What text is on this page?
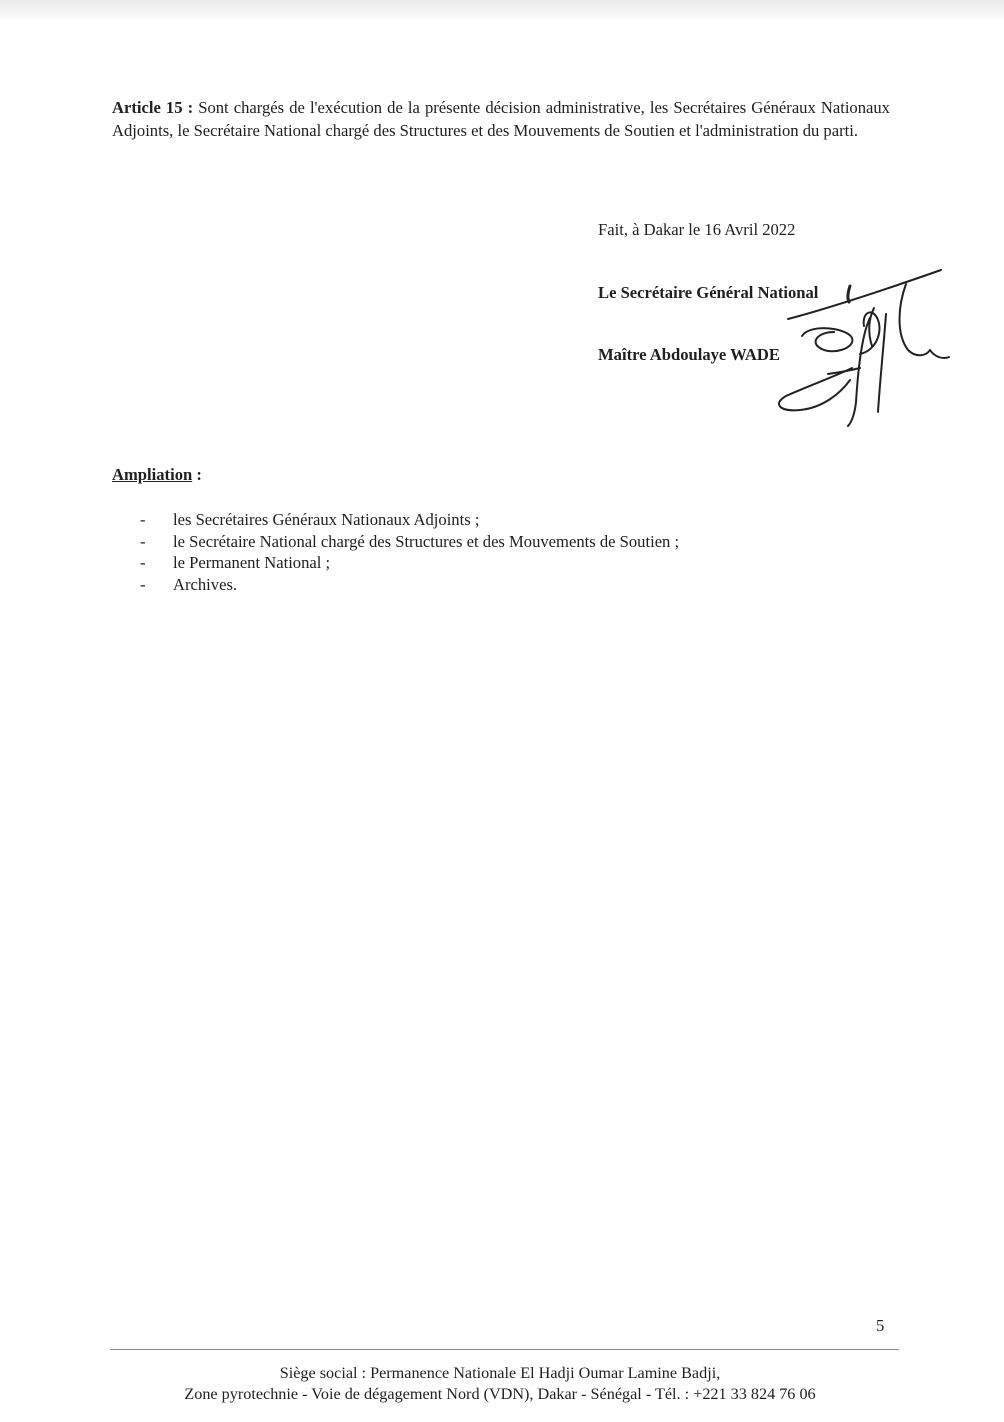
Article 15 : Sont chargés de l'exécution de la présente décision administrative, les Secrétaires Généraux Nationaux Adjoints, le Secrétaire National chargé des Structures et des Mouvements de Soutien et l'administration du parti.
Fait, à Dakar le 16 Avril 2022
Le Secrétaire Général National
Maître Abdoulaye WADE
Ampliation :
- les Secrétaires Généraux Nationaux Adjoints ;
- le Secrétaire National chargé des Structures et des Mouvements de Soutien ;
- le Permanent National ;
- Archives.
5
Siège social : Permanence Nationale El Hadji Oumar Lamine Badji,
Zone pyrotechnie - Voie de dégagement Nord (VDN), Dakar - Sénégal - Tél. : +221 33 824 76 06
